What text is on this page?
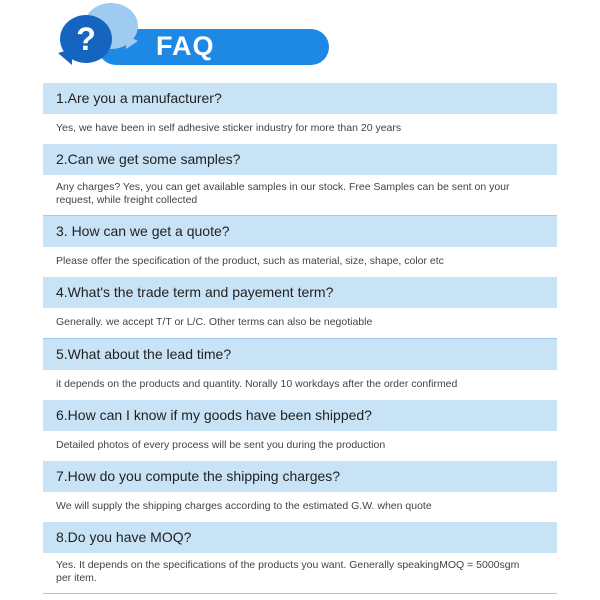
FAQ
?
1.Are you a manufacturer?
Yes, we have been in self adhesive sticker industry for more than 20 years
2.Can we get some samples?
Any charges? Yes, you can get available samples in our stock. Free Samples can be sent on your request, while freight collected
3. How can we get a quote?
Please offer the specification of the product, such as material, size, shape, color etc
4.What's the trade term and payement term?
Generally. we accept T/T or L/C. Other terms can also be negotiable
5.What about the lead time?
it depends on the products and quantity. Norally 10 workdays after the order confirmed
6.How can I know if my goods have been shipped?
Detailed photos of every process will be sent you during the production
7.How do you compute the shipping charges?
We will supply the shipping charges according to the estimated G.W. when quote
8.Do you have MOQ?
Yes. It depends on the specifications of the products you want. Generally speakingMOQ = 5000sgm per item.
